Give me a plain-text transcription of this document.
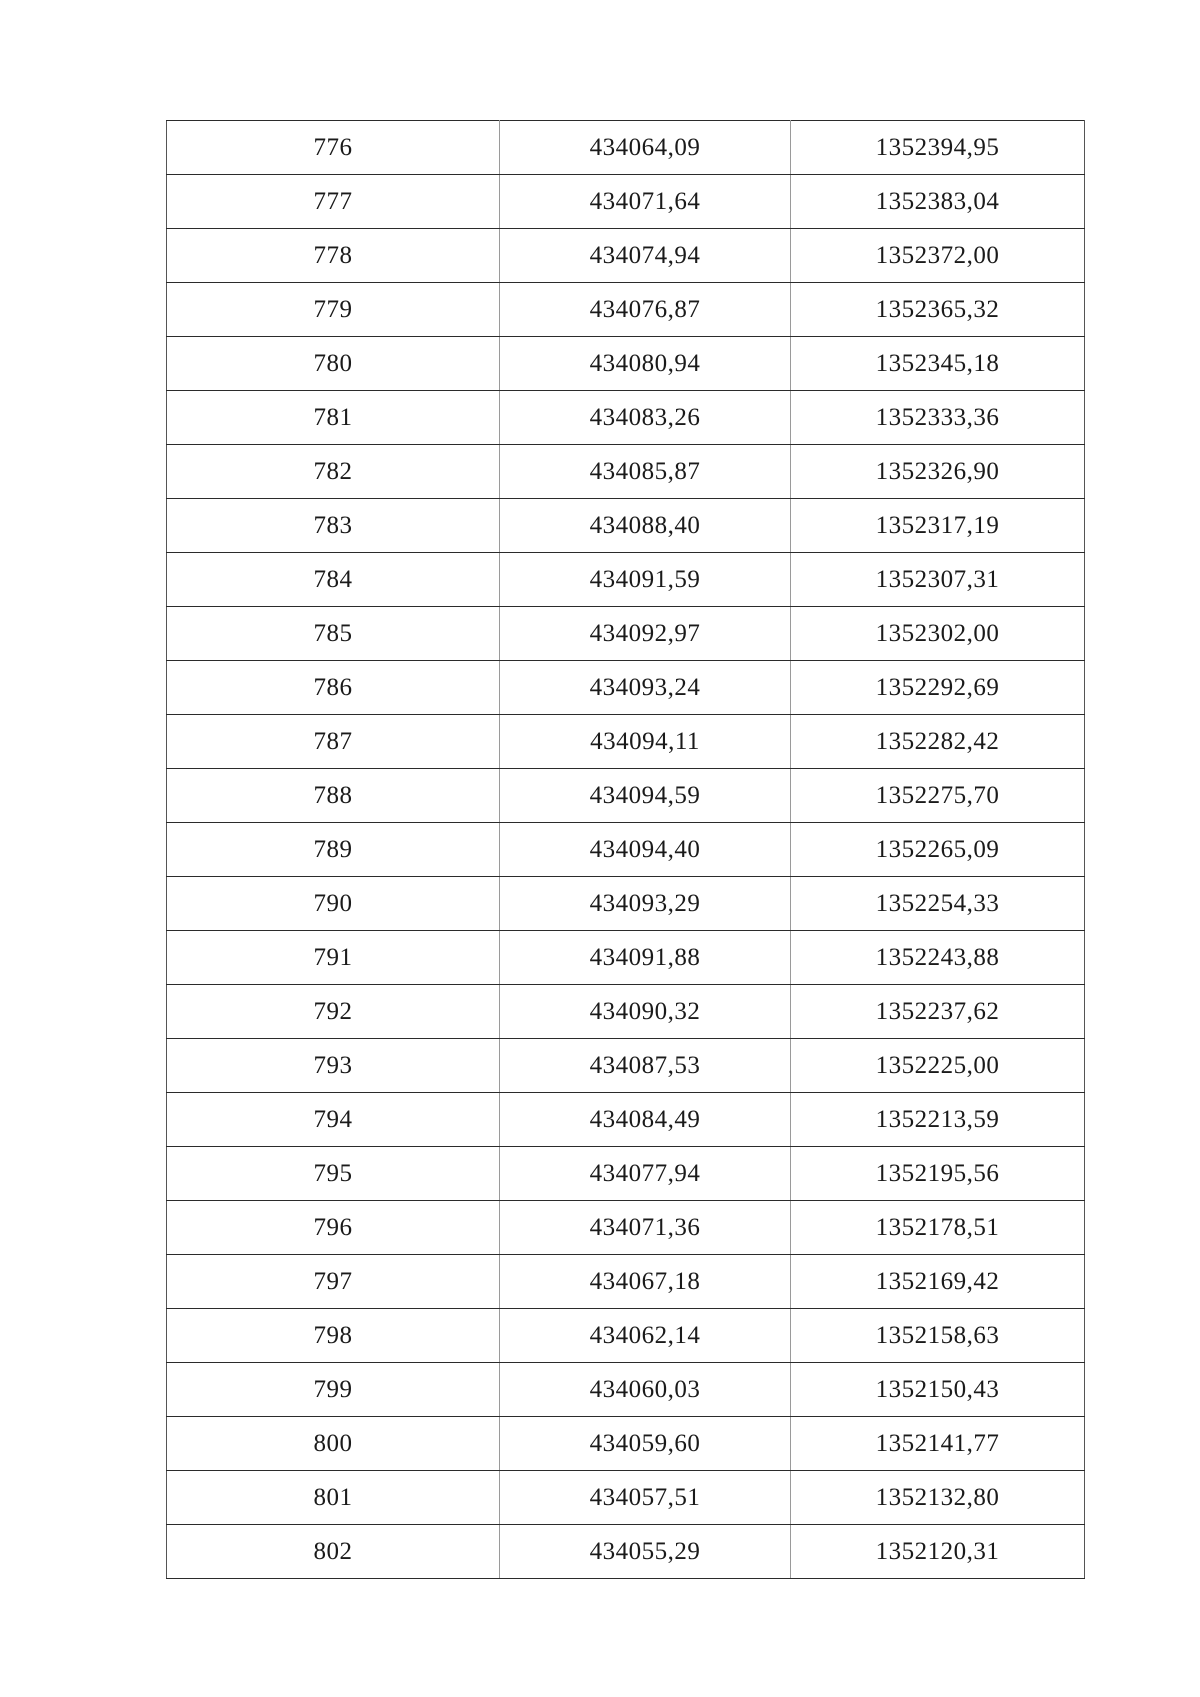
776	434064,09	1352394,95
777	434071,64	1352383,04
778	434074,94	1352372,00
779	434076,87	1352365,32
780	434080,94	1352345,18
781	434083,26	1352333,36
782	434085,87	1352326,90
783	434088,40	1352317,19
784	434091,59	1352307,31
785	434092,97	1352302,00
786	434093,24	1352292,69
787	434094,11	1352282,42
788	434094,59	1352275,70
789	434094,40	1352265,09
790	434093,29	1352254,33
791	434091,88	1352243,88
792	434090,32	1352237,62
793	434087,53	1352225,00
794	434084,49	1352213,59
795	434077,94	1352195,56
796	434071,36	1352178,51
797	434067,18	1352169,42
798	434062,14	1352158,63
799	434060,03	1352150,43
800	434059,60	1352141,77
801	434057,51	1352132,80
802	434055,29	1352120,31
